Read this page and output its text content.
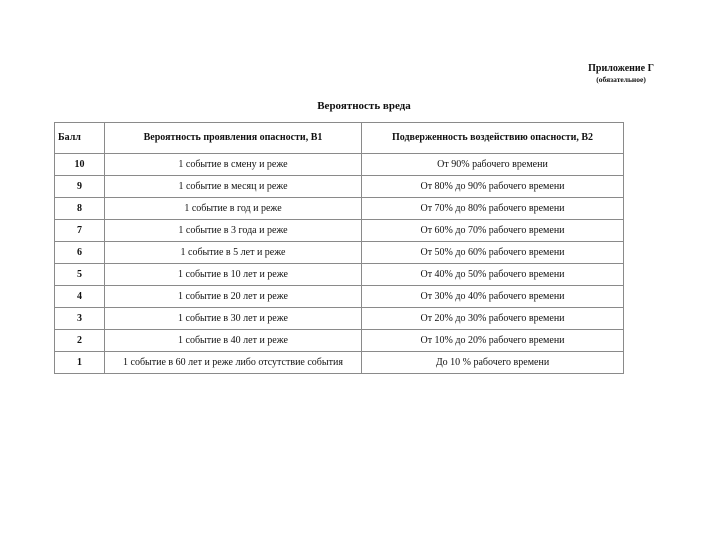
Приложение Г
(обязательное)
Вероятность вреда
Балл	Вероятность проявления опасности, В1	Подверженность воздействию опасности, В2
10	1 событие в смену и реже	От 90% рабочего времени
9	1 событие в месяц и реже	От 80% до 90% рабочего времени
8	1 событие в год и реже	От 70% до 80% рабочего времени
7	1 событие в 3 года и реже	От 60% до 70% рабочего времени
6	1 событие в 5 лет и реже	От 50% до 60% рабочего времени
5	1 событие в 10 лет и реже	От 40% до 50% рабочего времени
4	1 событие в 20 лет и реже	От 30% до 40% рабочего времени
3	1 событие в 30 лет и реже	От 20% до 30% рабочего времени
2	1 событие в 40 лет и реже	От 10% до 20% рабочего времени
1	1 событие в 60 лет и реже либо отсутствие события	До 10 % рабочего времени
